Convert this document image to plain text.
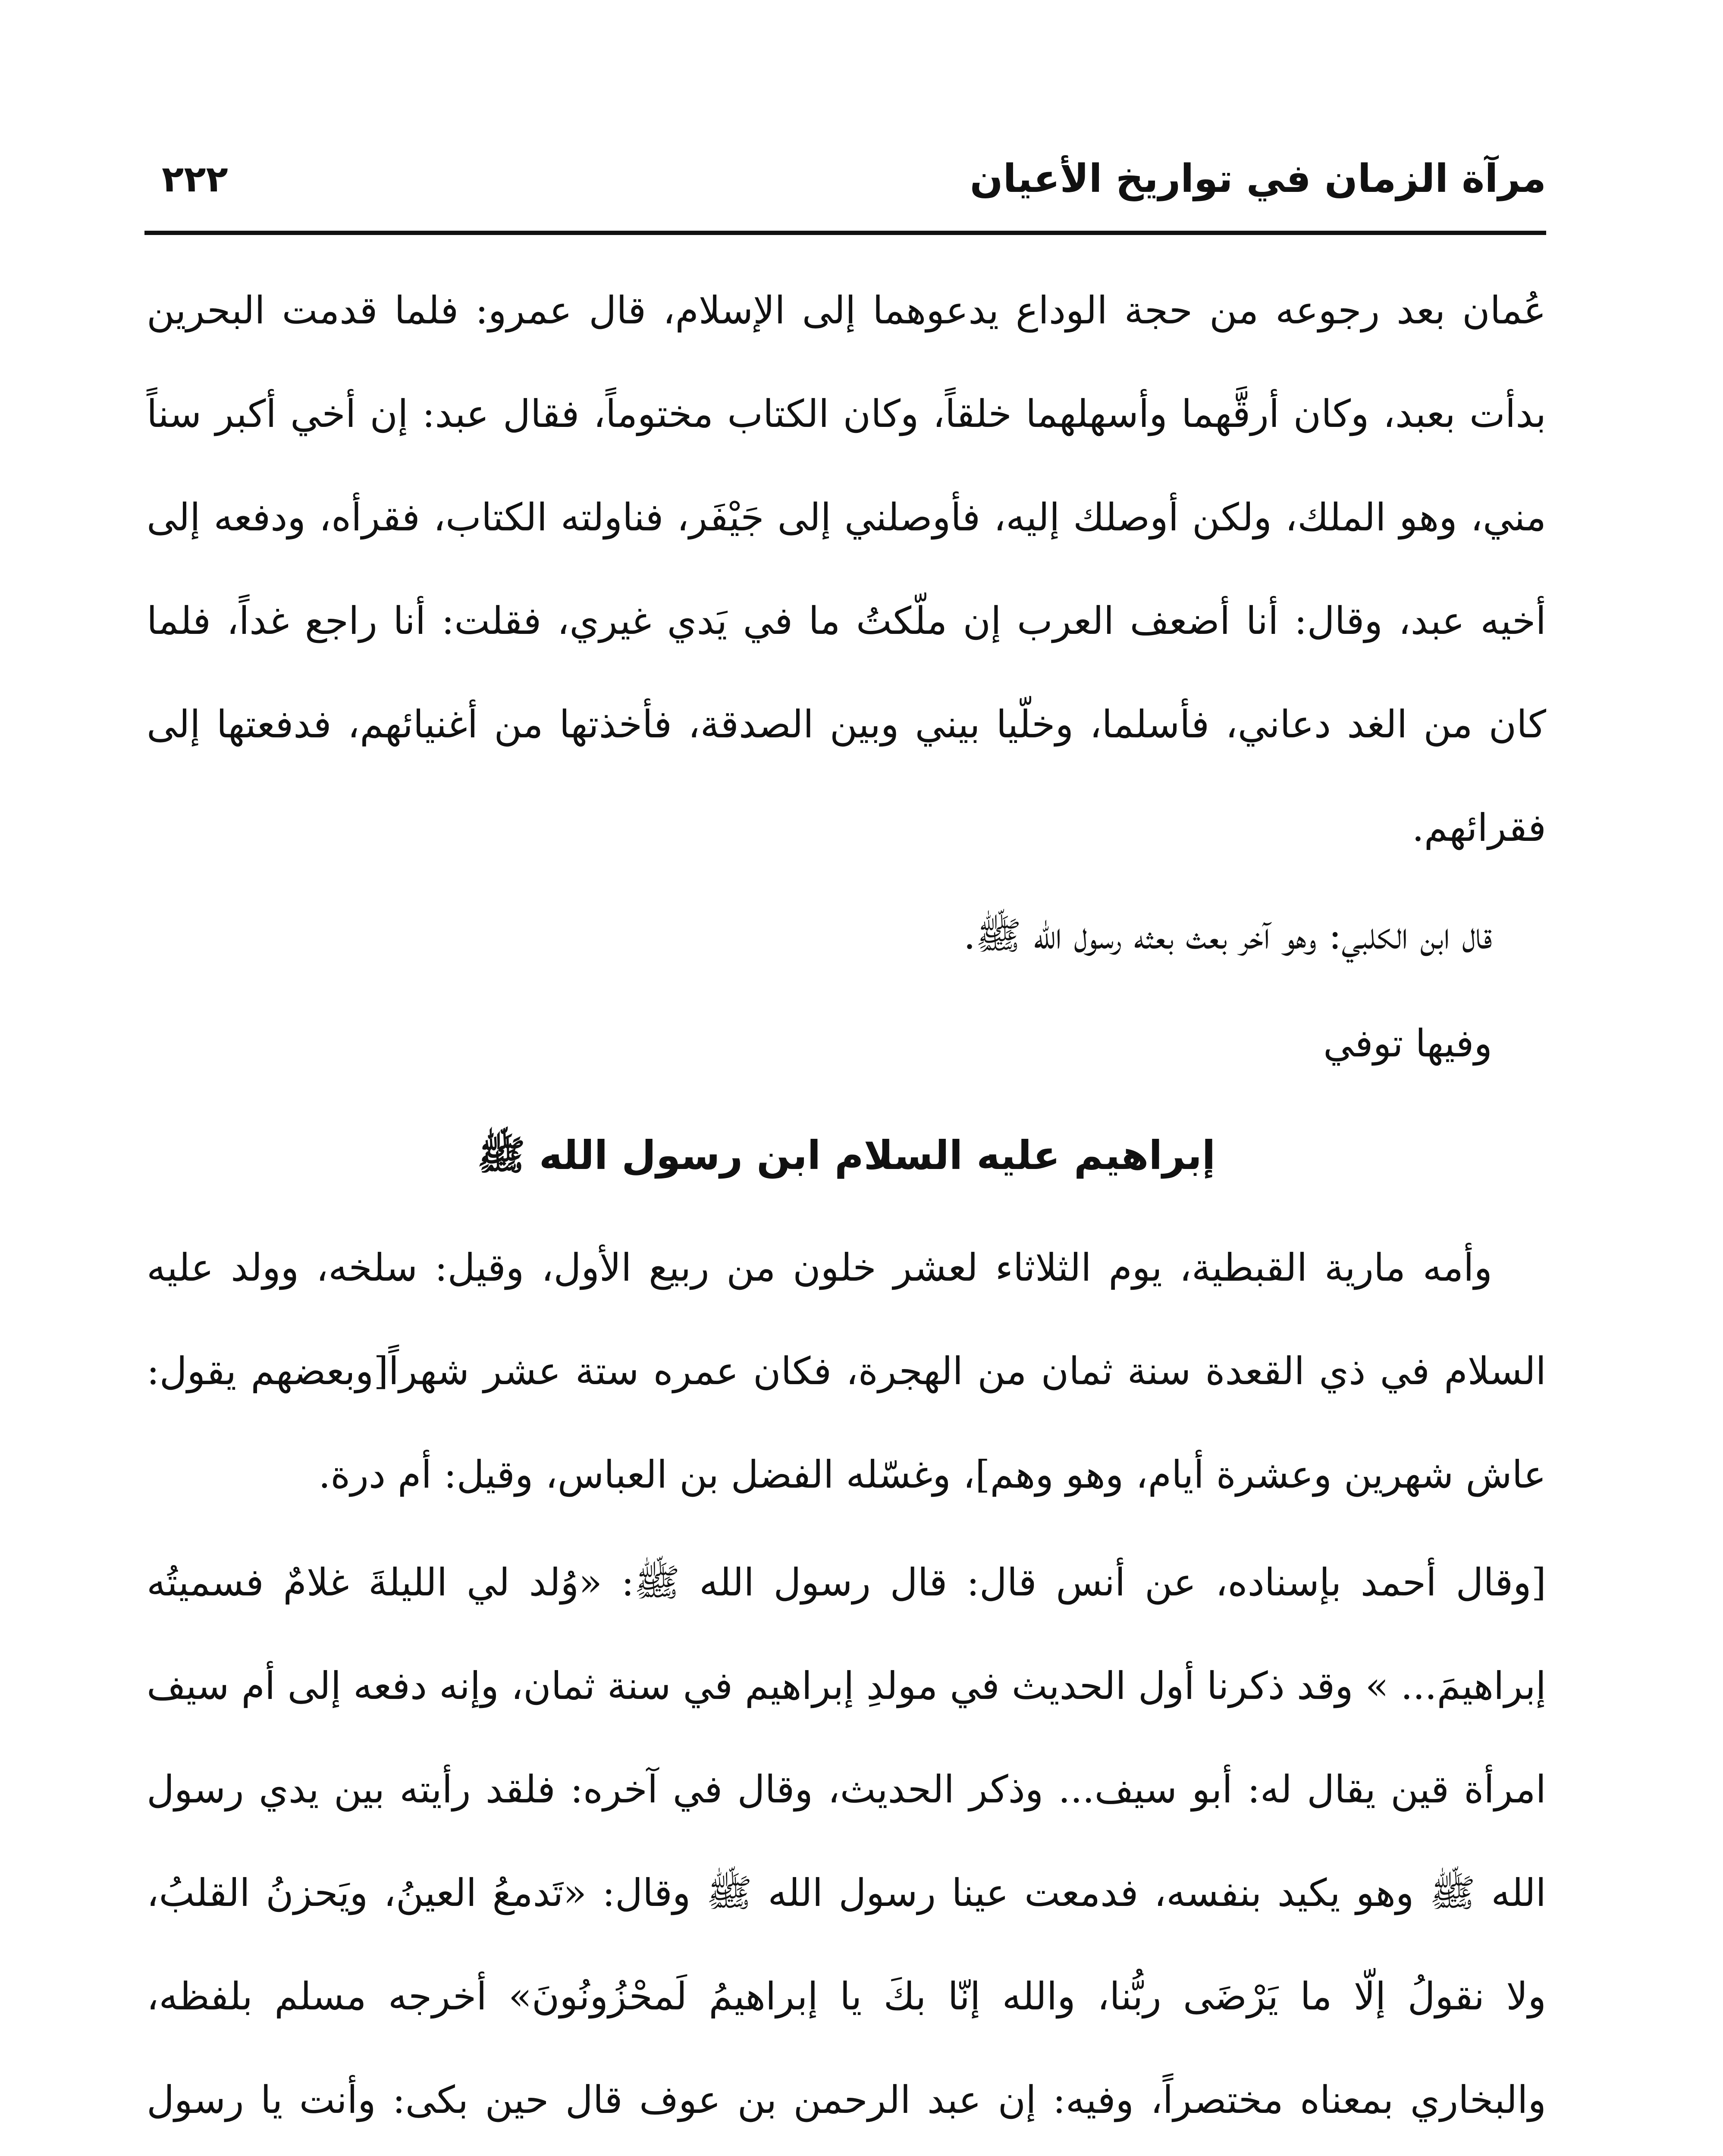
مرآة الزمان في تواريخ الأعيان
٢٢٢

عُمان بعد رجوعه من حجة الوداع يدعوهما إلى الإسلام، قال عمرو: فلما قدمت البحرين بدأت بعبد، وكان أرقَّهما وأسهلهما خلقاً، وكان الكتاب مختوماً، فقال عبد: إن أخي أكبر سناً مني، وهو الملك، ولكن أوصلك إليه، فأوصلني إلى جَيْفَر، فناولته الكتاب، فقرأه، ودفعه إلى أخيه عبد، وقال: أنا أضعف العرب إن ملّكتُ ما في يَدي غيري، فقلت: أنا راجع غداً، فلما كان من الغد دعاني، فأسلما، وخلّيا بيني وبين الصدقة، فأخذتها من أغنيائهم، فدفعتها إلى فقرائهم.

قال ابن الكلبي: وهو آخر بعث بعثه رسول الله ﷺ.

وفيها توفي

إبراهيم عليه السلام ابن رسول الله ﷺ

وأمه مارية القبطية، يوم الثلاثاء لعشر خلون من ربيع الأول، وقيل: سلخه، وولد عليه السلام في ذي القعدة سنة ثمان من الهجرة، فكان عمره ستة عشر شهراً[وبعضهم يقول: عاش شهرين وعشرة أيام، وهو وهم]، وغسّله الفضل بن العباس، وقيل: أم درة.

[وقال أحمد بإسناده، عن أنس قال: قال رسول الله ﷺ: «وُلد لي الليلةَ غلامٌ فسميتُه إبراهيمَ... » وقد ذكرنا أول الحديث في مولدِ إبراهيم في سنة ثمان، وإنه دفعه إلى أم سيف امرأة قين يقال له: أبو سيف... وذكر الحديث، وقال في آخره: فلقد رأيته بين يدي رسول الله ﷺ وهو يكيد بنفسه، فدمعت عينا رسول الله ﷺ وقال: «تَدمعُ العينُ، ويَحزنُ القلبُ، ولا نقولُ إلّا ما يَرْضَى ربُّنا، والله إنّا بكَ يا إبراهيمُ لَمحْزُونُونَ» أخرجه مسلم بلفظه، والبخاري بمعناه مختصراً، وفيه: إن عبد الرحمن بن عوف قال حين بكى: وأنت يا رسول
